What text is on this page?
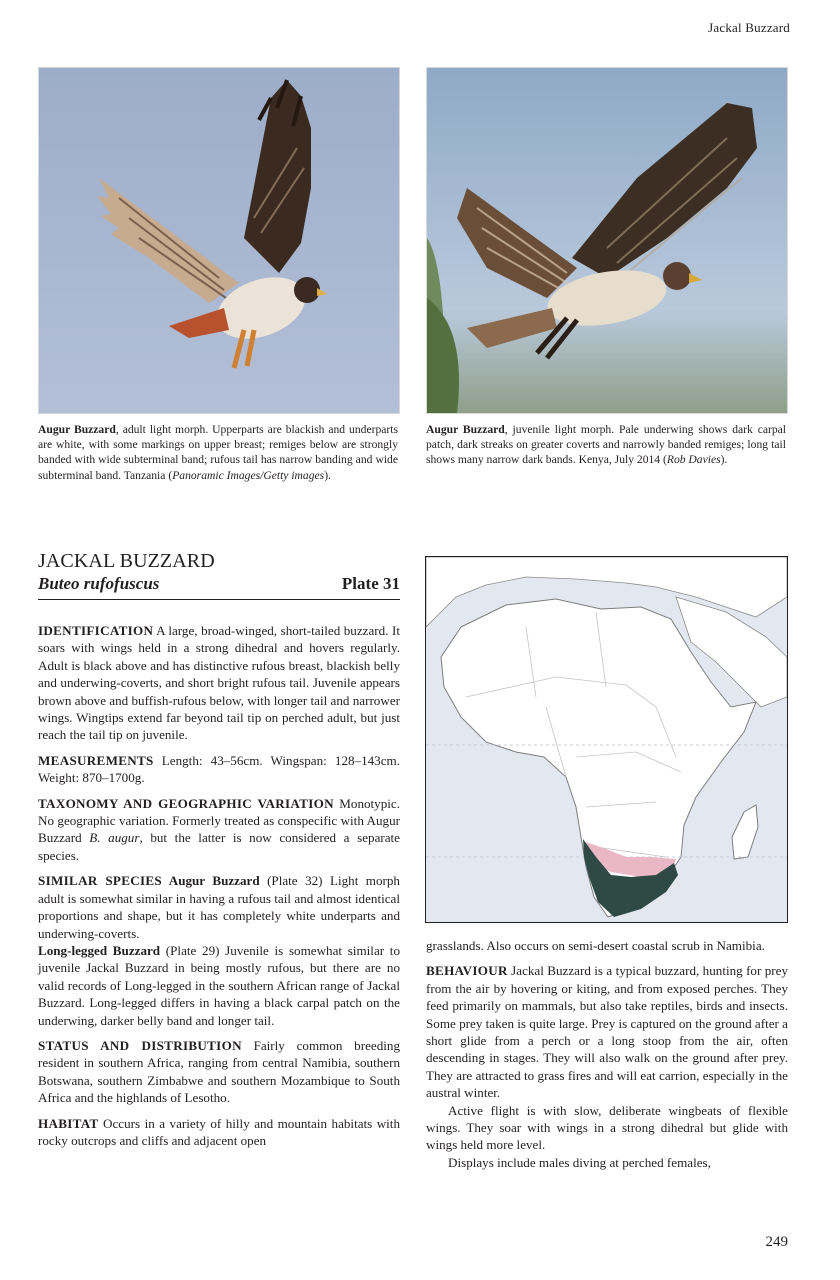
Jackal Buzzard
Augur Buzzard, adult light morph. Upperparts are blackish and underparts are white, with some markings on upper breast; remiges below are strongly banded with wide subterminal band; rufous tail has narrow banding and wide subterminal band. Tanzania (Panoramic Images/Getty images).
Augur Buzzard, juvenile light morph. Pale underwing shows dark carpal patch, dark streaks on greater coverts and narrowly banded remiges; long tail shows many narrow dark bands. Kenya, July 2014 (Rob Davies).
JACKAL BUZZARD
Buteo rufofuscus	Plate 31

IDENTIFICATION A large, broad-winged, short-tailed buzzard. It soars with wings held in a strong dihedral and hovers regularly. Adult is black above and has distinctive rufous breast, blackish belly and underwing-coverts, and short bright rufous tail. Juvenile appears brown above and buffish-rufous below, with longer tail and narrower wings. Wingtips extend far beyond tail tip on perched adult, but just reach the tail tip on juvenile.

MEASUREMENTS Length: 43–56cm. Wingspan: 128–143cm. Weight: 870–1700g.

TAXONOMY AND GEOGRAPHIC VARIATION Monotypic. No geographic variation. Formerly treated as conspecific with Augur Buzzard B. augur, but the latter is now considered a separate species.

SIMILAR SPECIES Augur Buzzard (Plate 32) Light morph adult is somewhat similar in having a rufous tail and almost identical proportions and shape, but it has completely white underparts and underwing-coverts.

Long-legged Buzzard (Plate 29) Juvenile is somewhat similar to juvenile Jackal Buzzard in being mostly rufous, but there are no valid records of Long-legged in the southern African range of Jackal Buzzard. Long-legged differs in having a black carpal patch on the underwing, darker belly band and longer tail.

STATUS AND DISTRIBUTION Fairly common breeding resident in southern Africa, ranging from central Namibia, southern Botswana, southern Zimbabwe and southern Mozambique to South Africa and the highlands of Lesotho.

HABITAT Occurs in a variety of hilly and mountain habitats with rocky outcrops and cliffs and adjacent open

grasslands. Also occurs on semi-desert coastal scrub in Namibia.

BEHAVIOUR Jackal Buzzard is a typical buzzard, hunting for prey from the air by hovering or kiting, and from exposed perches. They feed primarily on mammals, but also take reptiles, birds and insects. Some prey taken is quite large. Prey is captured on the ground after a short glide from a perch or a long stoop from the air, often descending in stages. They will also walk on the ground after prey. They are attracted to grass fires and will eat carrion, especially in the austral winter.

Active flight is with slow, deliberate wingbeats of flexible wings. They soar with wings in a strong dihedral but glide with wings held more level.

Displays include males diving at perched females,

249
